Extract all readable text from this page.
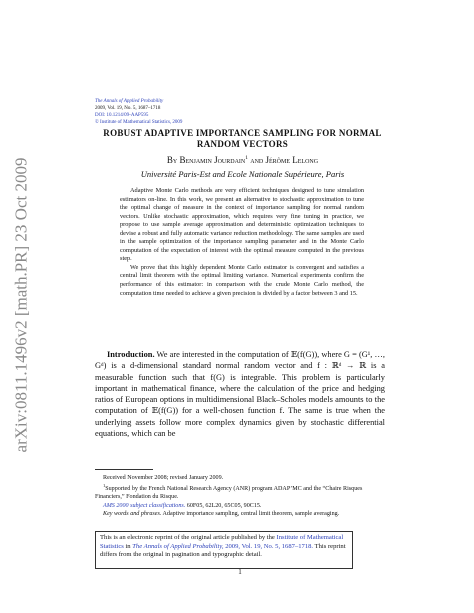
arXiv:0811.1496v2 [math.PR] 23 Oct 2009
The Annals of Applied Probability
2009, Vol. 19, No. 5, 1687–1718
DOI: 10.1214/09-AAP595
© Institute of Mathematical Statistics, 2009
ROBUST ADAPTIVE IMPORTANCE SAMPLING FOR NORMAL
RANDOM VECTORS
By Benjamin Jourdain$^1$ and Jérôme Lelong
Université Paris-Est and Ecole Nationale Supérieure, Paris

Adaptive Monte Carlo methods are very efficient techniques designed to tune simulation estimators on-line. In this work, we present an alternative to stochastic approximation to tune the optimal change of measure in the context of importance sampling for normal random vectors. Unlike stochastic approximation, which requires very fine tuning in practice, we propose to use sample average approximation and deterministic optimization techniques to devise a robust and fully automatic variance reduction methodology. The same samples are used in the sample optimization of the importance sampling parameter and in the Monte Carlo computation of the expectation of interest with the optimal measure computed in the previous step.

We prove that this highly dependent Monte Carlo estimator is convergent and satisfies a central limit theorem with the optimal limiting variance. Numerical experiments confirm the performance of this estimator: in comparison with the crude Monte Carlo method, the computation time needed to achieve a given precision is divided by a factor between 3 and 15.

Introduction. We are interested in the computation of 𝔼(f(G)), where G = (G¹, …, Gᵈ) is a d-dimensional standard normal random vector and f : ℝᵈ → ℝ is a measurable function such that f(G) is integrable. This problem is particularly important in mathematical finance, where the calculation of the price and hedging ratios of European options in multidimensional Black–Scholes models amounts to the computation of 𝔼(f(G)) for a well-chosen function f. The same is true when the underlying assets follow more complex dynamics given by stochastic differential equations, which can be

Received November 2008; revised January 2009.

$^1$Supported by the French National Research Agency (ANR) program ADAP’MC and the “Chaire Risques Financiers,” Fondation du Risque.

AMS 2000 subject classifications. 60F05, 62L20, 65C05, 90C15.

Key words and phrases. Adaptive importance sampling, central limit theorem, sample averaging.

This is an electronic reprint of the original article published by the Institute of Mathematical Statistics in The Annals of Applied Probability, 2009, Vol. 19, No. 5, 1687–1718. This reprint differs from the original in pagination and typographic detail.
1
